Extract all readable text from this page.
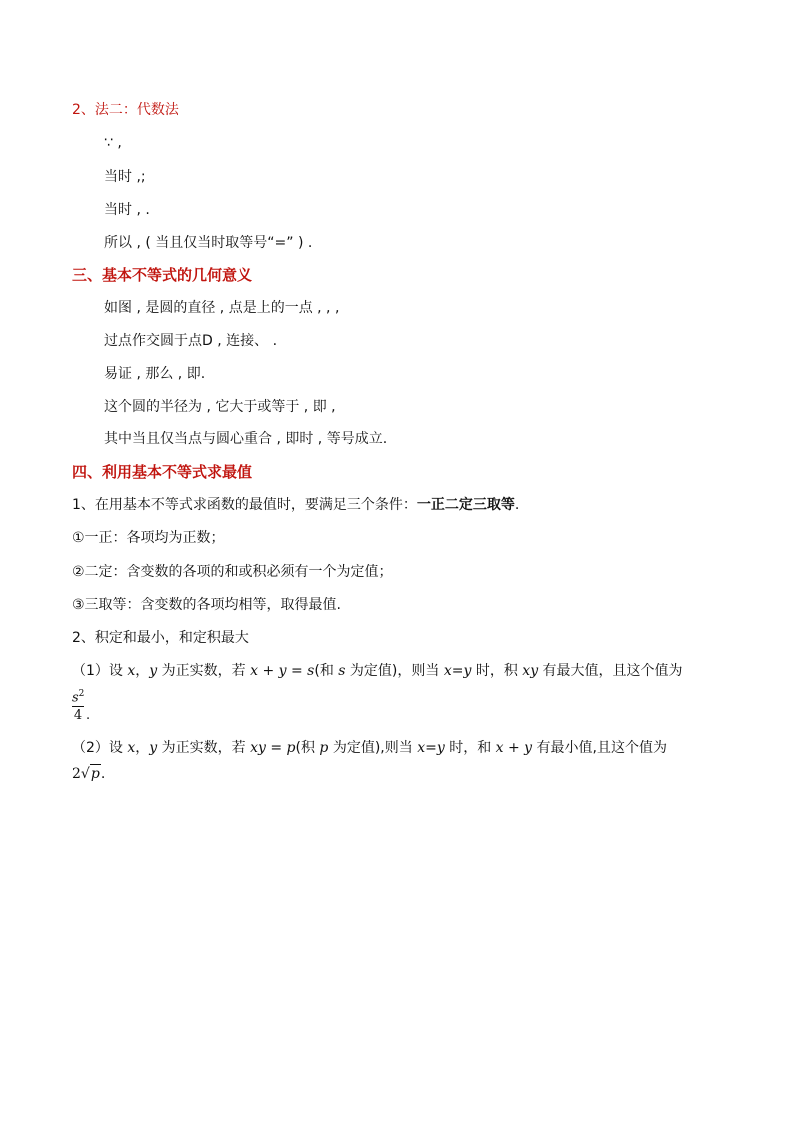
2、法二：代数法
∵ ,
当时 ,;
当时 , .
所以 , ( 当且仅当时取等号“=” ) .
三、基本不等式的几何意义
如图 , 是圆的直径 , 点是上的一点 , , ,
过点作交圆于点D , 连接、 .
易证 , 那么 , 即.
这个圆的半径为 , 它大于或等于 , 即 ,
其中当且仅当点与圆心重合 , 即时 , 等号成立.
四、利用基本不等式求最值
1、在用基本不等式求函数的最值时，要满足三个条件：一正二定三取等.
①一正：各项均为正数；
②二定：含变数的各项的和或积必须有一个为定值；
③三取等：含变数的各项均相等，取得最值.
2、积定和最小，和定积最大
（1）设 x，y 为正实数，若 x + y = s(和 s 为定值)，则当 x=y 时，积 xy 有最大值，且这个值为
$s^2$
4 .
（2）设 x，y 为正实数，若 xy = p(积 p 为定值),则当 x=y 时，和 x + y 有最小值,且这个值为
2√p.
